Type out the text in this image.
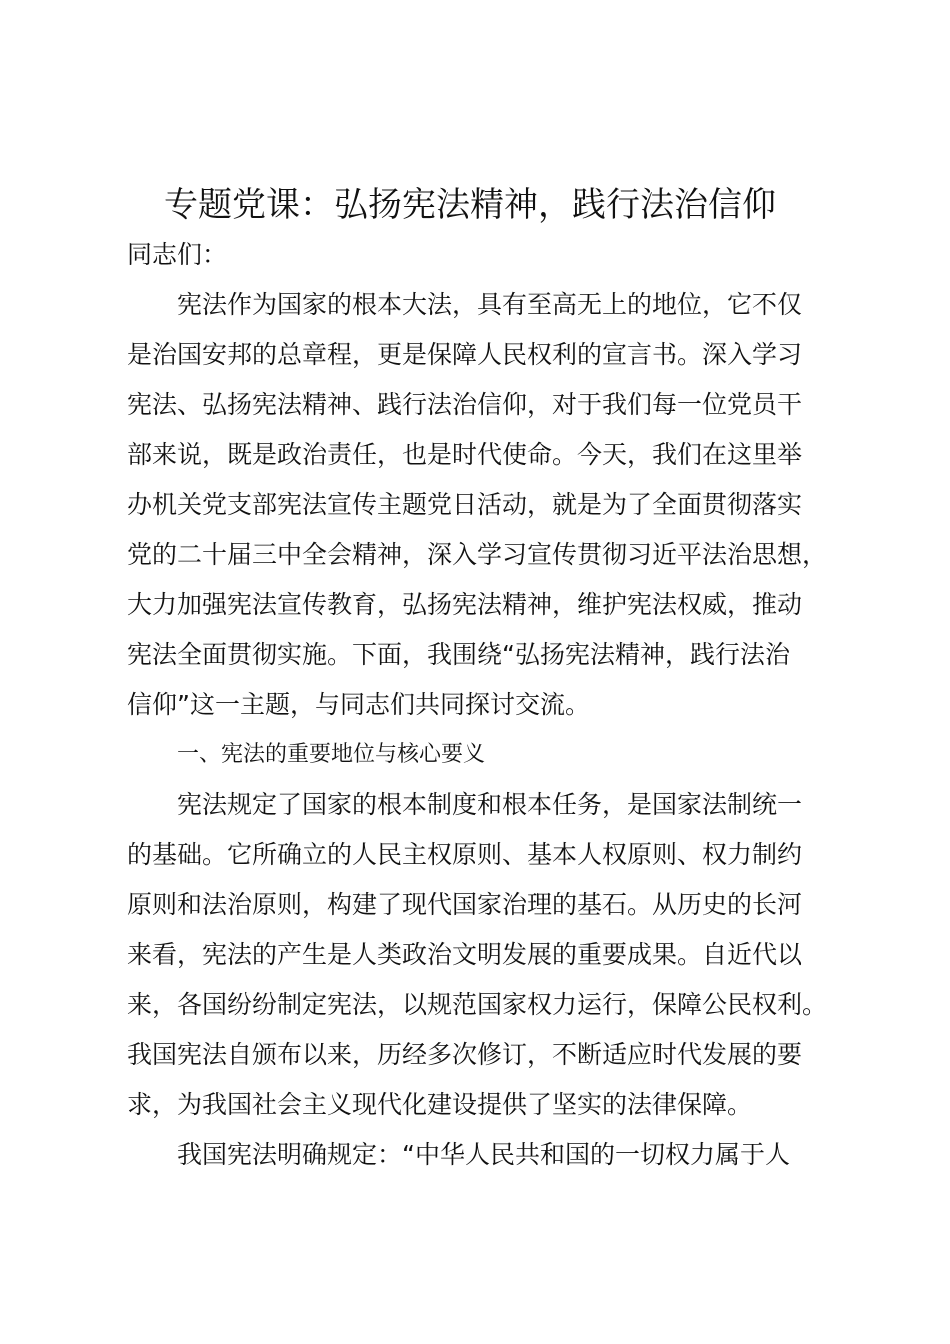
专题党课：弘扬宪法精神，践行法治信仰
同志们：
宪法作为国家的根本大法，具有至高无上的地位，它不仅
是治国安邦的总章程，更是保障人民权利的宣言书。深入学习
宪法、弘扬宪法精神、践行法治信仰，对于我们每一位党员干
部来说，既是政治责任，也是时代使命。今天，我们在这里举
办机关党支部宪法宣传主题党日活动，就是为了全面贯彻落实
党的二十届三中全会精神，深入学习宣传贯彻习近平法治思想，
大力加强宪法宣传教育，弘扬宪法精神，维护宪法权威，推动
宪法全面贯彻实施。下面，我围绕“弘扬宪法精神，践行法治
信仰”这一主题，与同志们共同探讨交流。
一、宪法的重要地位与核心要义
宪法规定了国家的根本制度和根本任务，是国家法制统一
的基础。它所确立的人民主权原则、基本人权原则、权力制约
原则和法治原则，构建了现代国家治理的基石。从历史的长河
来看，宪法的产生是人类政治文明发展的重要成果。自近代以
来，各国纷纷制定宪法，以规范国家权力运行，保障公民权利。
我国宪法自颁布以来，历经多次修订，不断适应时代发展的要
求，为我国社会主义现代化建设提供了坚实的法律保障。
我国宪法明确规定：“中华人民共和国的一切权力属于人
